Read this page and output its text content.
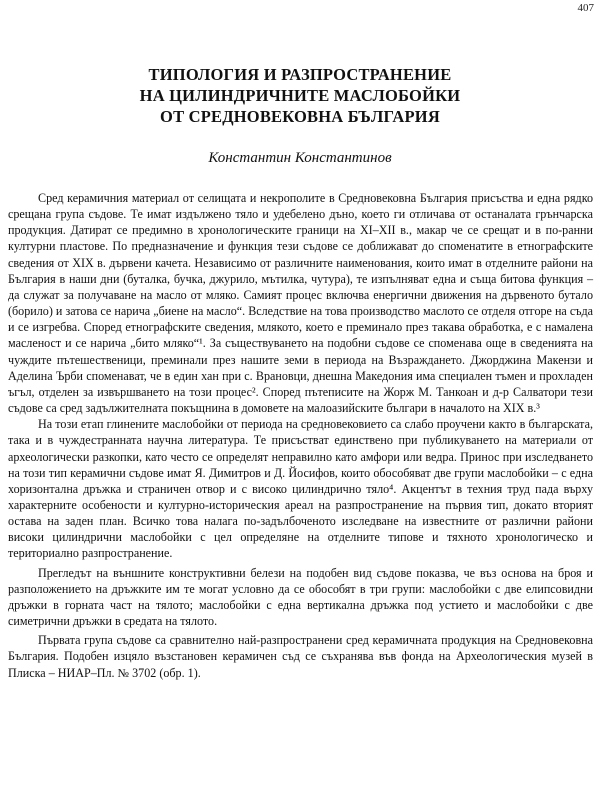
407
ТИПОЛОГИЯ И РАЗПРОСТРАНЕНИЕ
НА ЦИЛИНДРИЧНИТЕ МАСЛОБОЙКИ
ОТ СРЕДНОВЕКОВНА БЪЛГАРИЯ
Константин Константинов

Сред керамичния материал от селищата и некрополите в Средновековна България присъства и една рядко срещана група съдове. Те имат издължено тяло и удебелено дъно, което ги отличава от останалата грънчарска продукция. Датират се предимно в хронологическите граници на XI–XII в., макар че се срещат и в по-ранни културни пластове. По предназначение и функция тези съдове се доближават до споменатите в етнографските сведения от XIX в. дървени качета. Независимо от различните наименования, които имат в отделните райони на България в наши дни (буталка, бучка, джурило, мътилка, чутура), те изпълняват една и съща битова функция – да служат за получаване на масло от мляко. Самият процес включва енергични движения на дървеното бутало (борило) и затова се нарича „биене на масло“. Вследствие на това производство маслото се отделя отгоре на съда и се изгребва. Според етнографските сведения, млякото, което е преминало през такава обработка, е с намалена масленост и се нарича „бито мляко“¹. За съществуването на подобни съдове се споменава още в сведенията на чуждите пътешественици, преминали през нашите земи в периода на Възраждането. Джорджина Макензи и Аделина Ърби споменават, че в един хан при с. Врановци, днешна Македония има специален тъмен и прохладен ъгъл, отделен за извършването на този процес². Според пътеписите на Жорж М. Танкоан и д-р Салватори тези съдове са сред задължителната покъщнина в домовете на малоазийските българи в началото на XIX в.³

На този етап глинените маслобойки от периода на средновековието са слабо проучени както в българската, така и в чуждестранната научна литература. Те присъстват единствено при публикуването на материали от археологически разкопки, като често се определят неправилно като амфори или ведра. Принос при изследването на този тип керамични съдове имат Я. Димитров и Д. Йосифов, които обособяват две групи маслобойки – с една хоризонтална дръжка и страничен отвор и с високо цилиндрично тяло⁴. Акцентът в техния труд пада върху характерните особености и културно-историческия ареал на разпространение на първия тип, докато вторият остава на заден план. Всичко това налага по-задълбоченото изследване на известните от различни райони високи цилиндрични маслобойки с цел определяне на отделните типове и тяхното хронологическо и териториално разпространение.

Прегледът на външните конструктивни белези на подобен вид съдове показва, че въз основа на броя и разположението на дръжките им те могат условно да се обособят в три групи: маслобойки с две елипсовидни дръжки в горната част на тялото; маслобойки с една вертикална дръжка под устието и маслобойки с две симетрични дръжки в средата на тялото.

Първата група съдове са сравнително най-разпространени сред керамичната продукция на Средновековна България. Подобен изцяло възстановен керамичен съд се съхранява във фонда на Археологическия музей в Плиска – НИАР–Пл. № 3702 (обр. 1).
